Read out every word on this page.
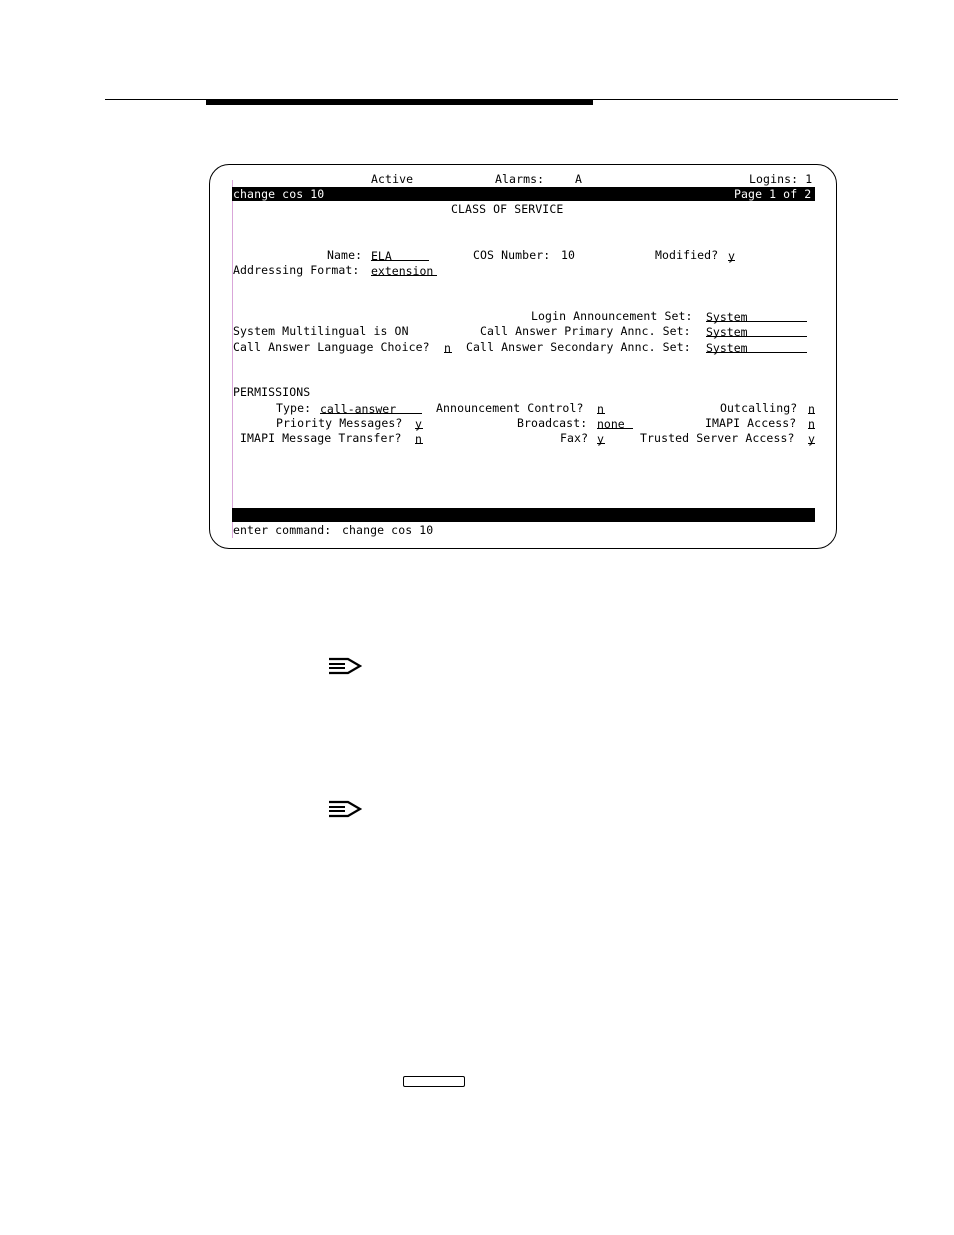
Active	Alarms:	A	Logins: 1
change cos 10	Page 1 of 2
CLASS OF SERVICE
Name: ELA	COS Number: 10	Modified? y
Addressing Format: extension
Login Announcement Set: System
System Multilingual is ON	Call Answer Primary Annc. Set: System
Call Answer Language Choice? n Call Answer Secondary Annc. Set: System
PERMISSIONS
Type: call-answer	Announcement Control? n	Outcalling? n
Priority Messages? y	Broadcast: none	IMAPI Access? n
IMAPI Message Transfer? n	Fax? y	Trusted Server Access? y
enter command: change cos 10
